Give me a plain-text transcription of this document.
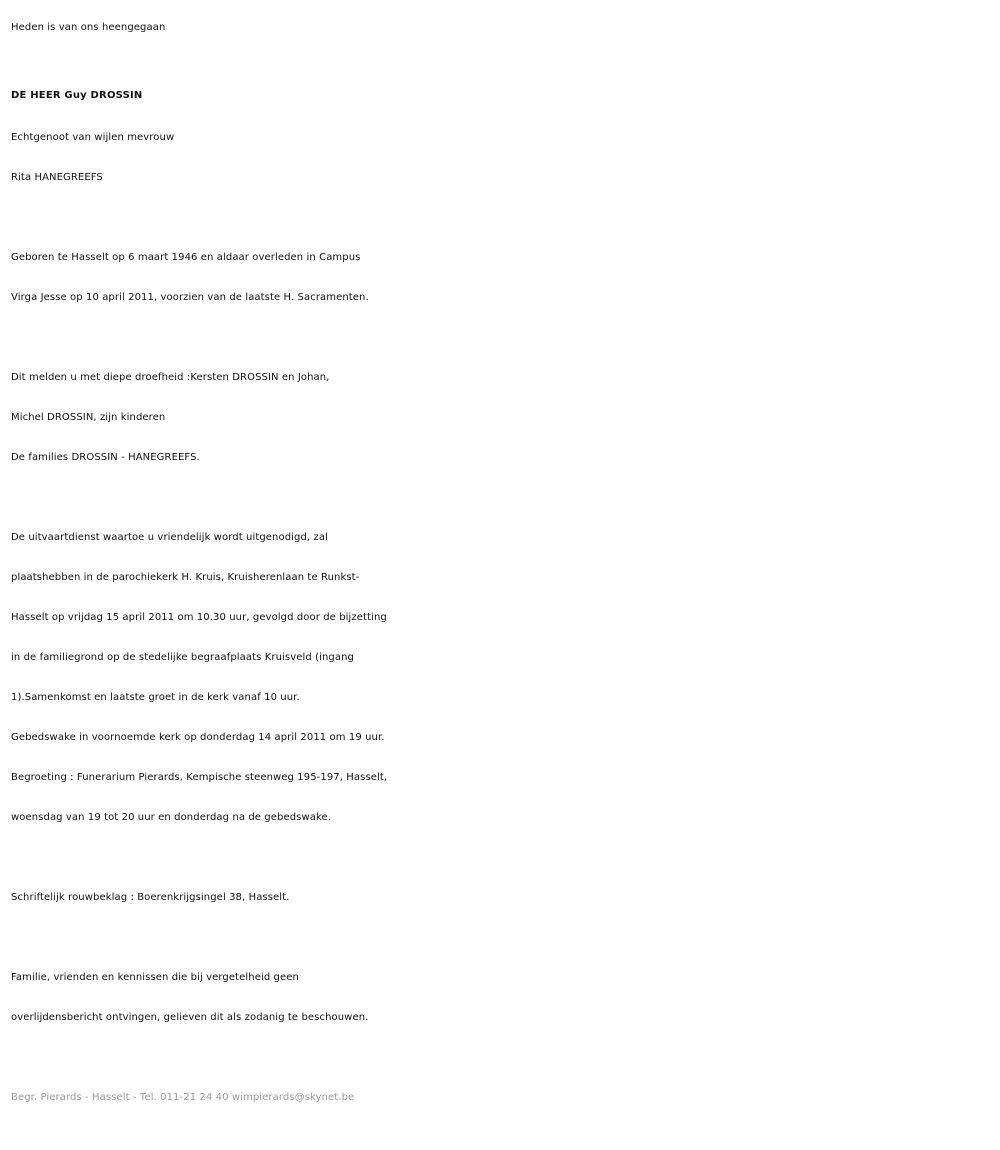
Heden is van ons heengegaan

DE HEER Guy DROSSIN

Echtgenoot van wijlen mevrouw

Rita HANEGREEFS

Geboren te Hasselt op 6 maart 1946 en aldaar overleden in Campus

Virga Jesse op 10 april 2011, voorzien van de laatste H. Sacramenten.

Dit melden u met diepe droefheid :Kersten DROSSIN en Johan,

Michel DROSSIN, zijn kinderen

De families DROSSIN - HANEGREEFS.

De uitvaartdienst waartoe u vriendelijk wordt uitgenodigd, zal

plaatshebben in de parochiekerk H. Kruis, Kruisherenlaan te Runkst-

Hasselt op vrijdag 15 april 2011 om 10.30 uur, gevolgd door de bijzetting

in de familiegrond op de stedelijke begraafplaats Kruisveld (ingang

1).Samenkomst en laatste groet in de kerk vanaf 10 uur.

Gebedswake in voornoemde kerk op donderdag 14 april 2011 om 19 uur.

Begroeting : Funerarium Pierards, Kempische steenweg 195-197, Hasselt,

woensdag van 19 tot 20 uur en donderdag na de gebedswake.

Schriftelijk rouwbeklag : Boerenkrijgsingel 38, Hasselt.

Familie, vrienden en kennissen die bij vergetelheid geen

overlijdensbericht ontvingen, gelieven dit als zodanig te beschouwen.

Begr. Pierards - Hasselt - Tel. 011-21 24 40 wimpierards@skynet.be
